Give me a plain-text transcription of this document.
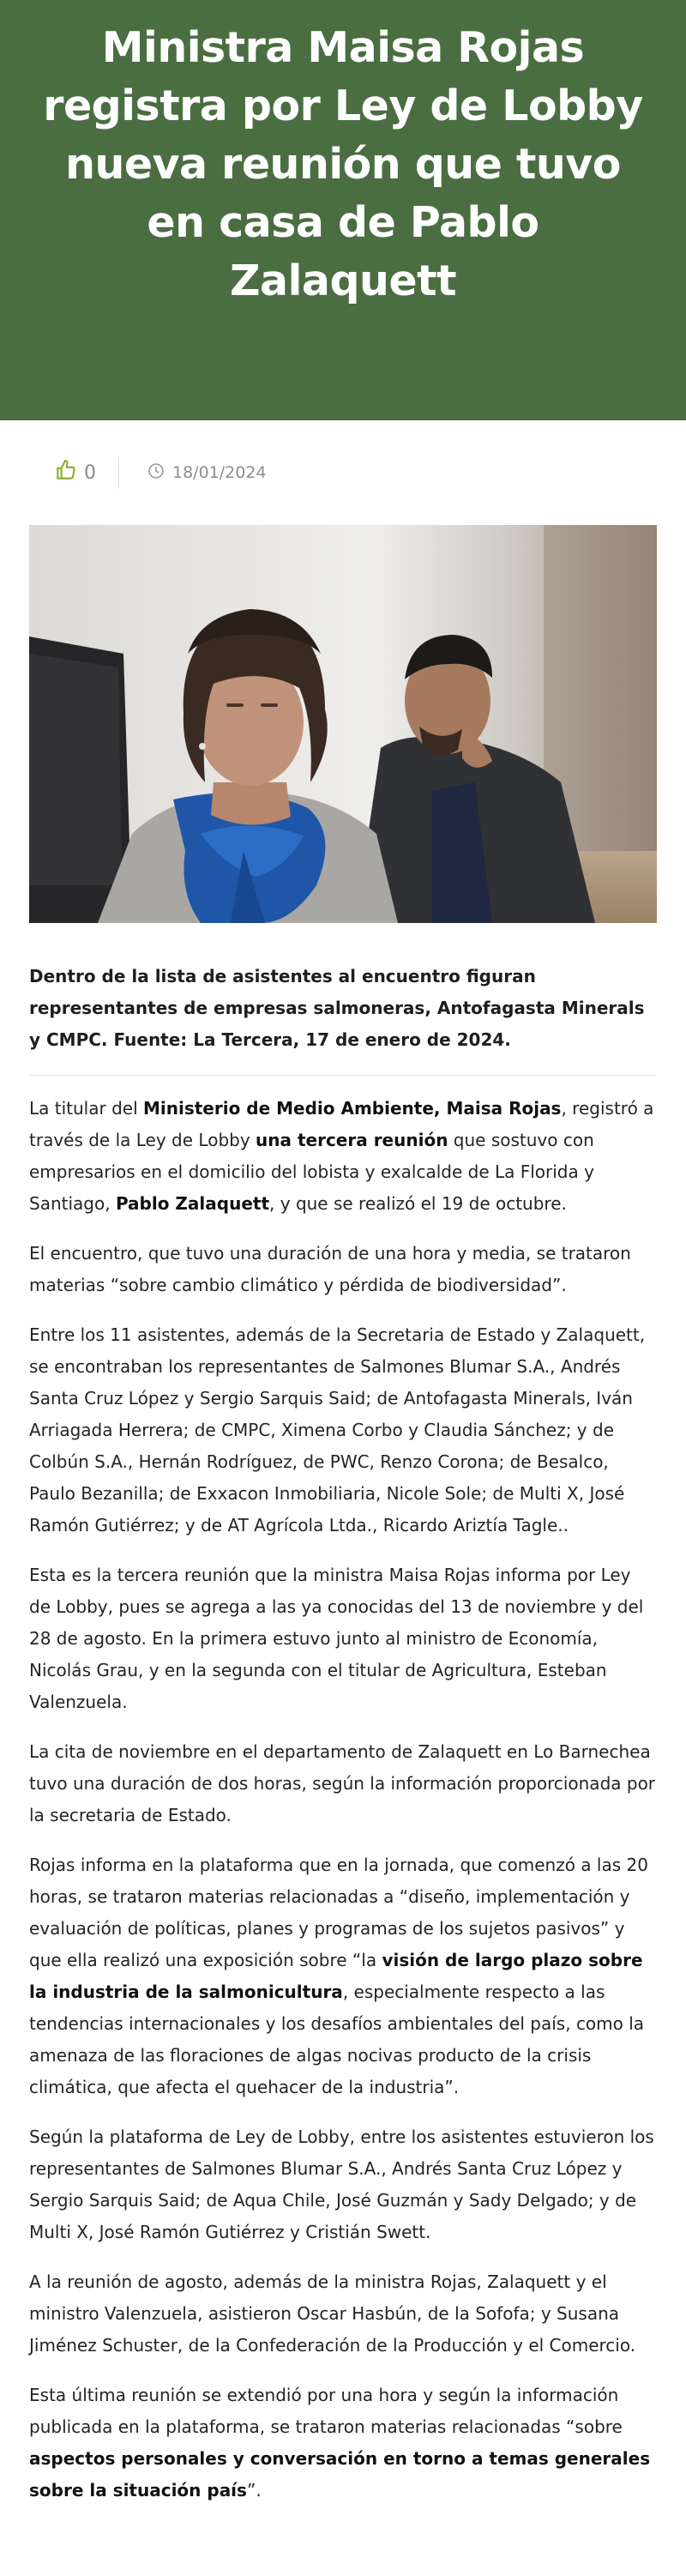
Ministra Maisa Rojas registra por Ley de Lobby nueva reunión que tuvo en casa de Pablo Zalaquett
0	18/01/2024
Dentro de la lista de asistentes al encuentro figuran representantes de empresas salmoneras, Antofagasta Minerals y CMPC. Fuente: La Tercera, 17 de enero de 2024.

La titular del Ministerio de Medio Ambiente, Maisa Rojas, registró a través de la Ley de Lobby una tercera reunión que sostuvo con empresarios en el domicilio del lobista y exalcalde de La Florida y Santiago, Pablo Zalaquett, y que se realizó el 19 de octubre.

El encuentro, que tuvo una duración de una hora y media, se trataron materias “sobre cambio climático y pérdida de biodiversidad”.

Entre los 11 asistentes, además de la Secretaria de Estado y Zalaquett, se encontraban los representantes de Salmones Blumar S.A., Andrés Santa Cruz López y Sergio Sarquis Said; de Antofagasta Minerals, Iván Arriagada Herrera; de CMPC, Ximena Corbo y Claudia Sánchez; y de Colbún S.A., Hernán Rodríguez, de PWC, Renzo Corona; de Besalco, Paulo Bezanilla; de Exxacon Inmobiliaria, Nicole Sole; de Multi X, José Ramón Gutiérrez; y de AT Agrícola Ltda., Ricardo Ariztía Tagle..

Esta es la tercera reunión que la ministra Maisa Rojas informa por Ley de Lobby, pues se agrega a las ya conocidas del 13 de noviembre y del 28 de agosto. En la primera estuvo junto al ministro de Economía, Nicolás Grau, y en la segunda con el titular de Agricultura, Esteban Valenzuela.

La cita de noviembre en el departamento de Zalaquett en Lo Barnechea tuvo una duración de dos horas, según la información proporcionada por la secretaria de Estado.

Rojas informa en la plataforma que en la jornada, que comenzó a las 20 horas, se trataron materias relacionadas a “diseño, implementación y evaluación de políticas, planes y programas de los sujetos pasivos” y que ella realizó una exposición sobre “la visión de largo plazo sobre la industria de la salmonicultura, especialmente respecto a las tendencias internacionales y los desafíos ambientales del país, como la amenaza de las floraciones de algas nocivas producto de la crisis climática, que afecta el quehacer de la industria”.

Según la plataforma de Ley de Lobby, entre los asistentes estuvieron los representantes de Salmones Blumar S.A., Andrés Santa Cruz López y Sergio Sarquis Said; de Aqua Chile, José Guzmán y Sady Delgado; y de Multi X, José Ramón Gutiérrez y Cristián Swett.

A la reunión de agosto, además de la ministra Rojas, Zalaquett y el ministro Valenzuela, asistieron Oscar Hasbún, de la Sofofa; y Susana Jiménez Schuster, de la Confederación de la Producción y el Comercio.

Esta última reunión se extendió por una hora y según la información publicada en la plataforma, se trataron materias relacionadas “sobre aspectos personales y conversación en torno a temas generales sobre la situación país”.
